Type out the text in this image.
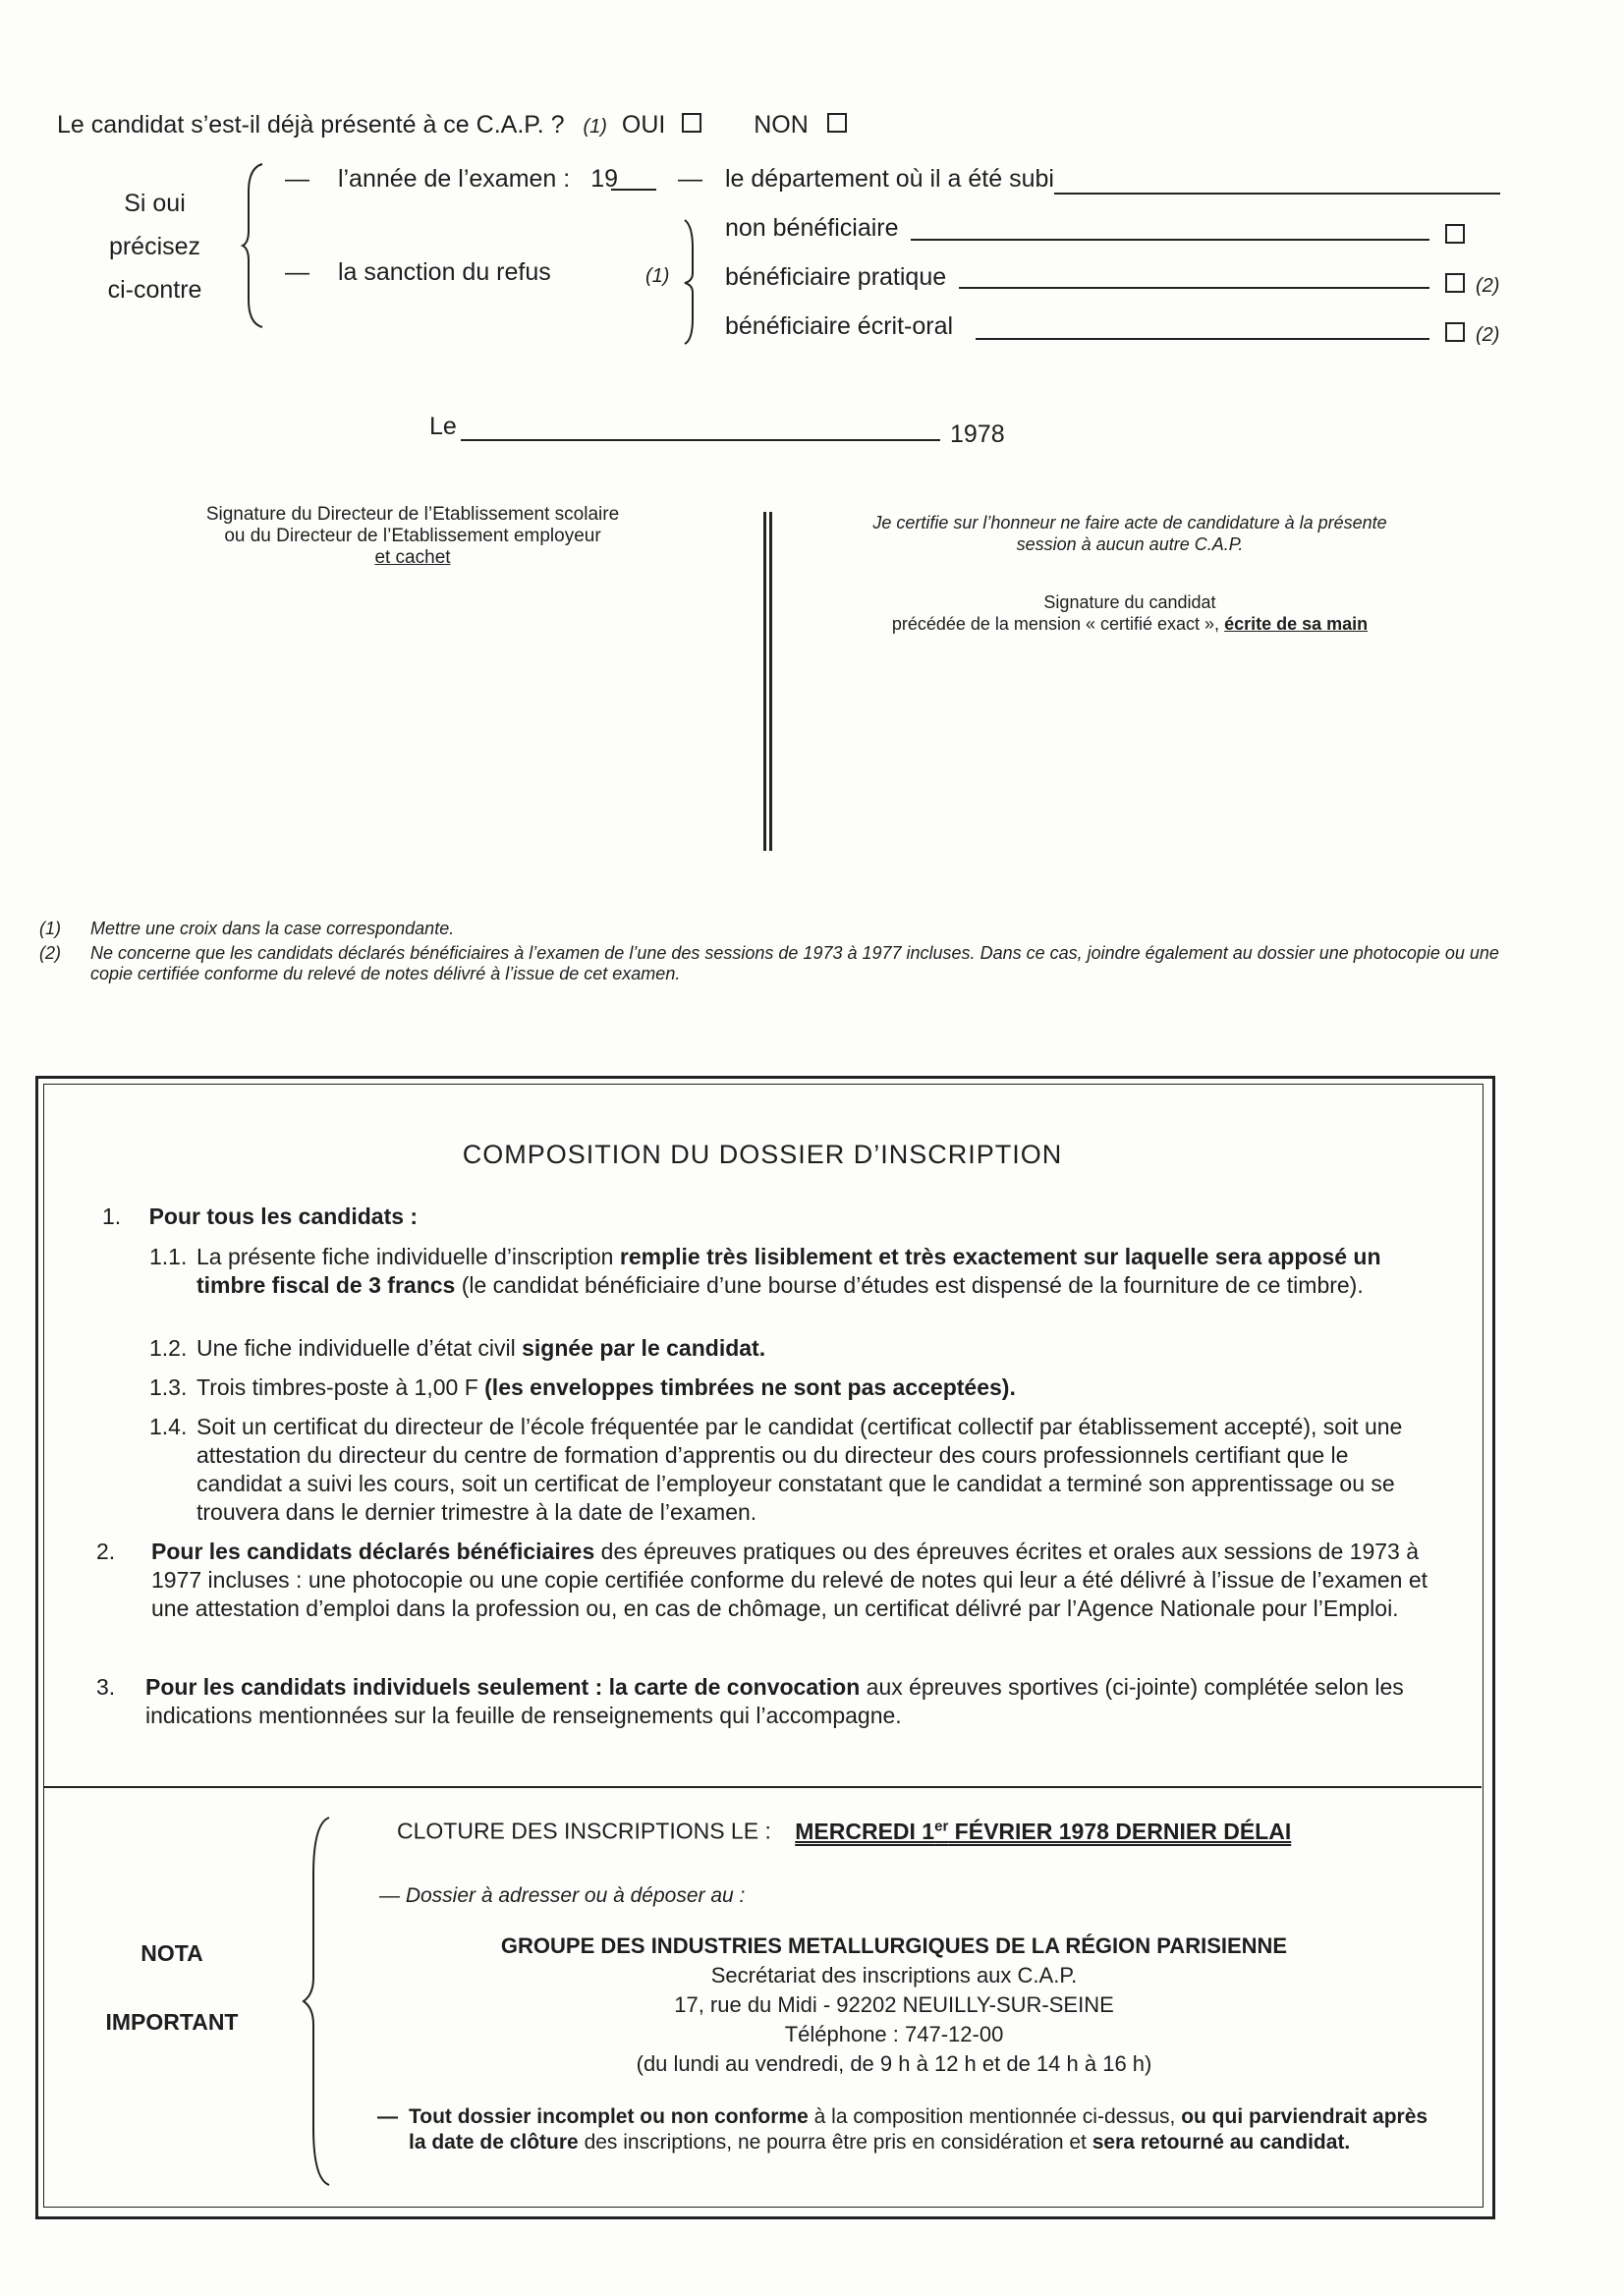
Le candidat s’est-il déjà présenté à ce C.A.P. ? (1) OUI	NON
Si oui
précisez
ci-contre
— l’année de l’examen : 19 — le département où il a été subi
— la sanction du refus	(1)
non bénéficiaire
bénéficiaire pratique	(2)
bénéficiaire écrit-oral	(2)
Le	1978
Signature du Directeur de l’Etablissement scolaire
ou du Directeur de l’Etablissement employeur
et cachet
Je certifie sur l’honneur ne faire acte de candidature à la présente
session à aucun autre C.A.P.
Signature du candidat
précédée de la mension « certifié exact », écrite de sa main
(1)	Mettre une croix dans la case correspondante.
(2)	Ne concerne que les candidats déclarés bénéficiaires à l’examen de l’une des sessions de 1973 à 1977 incluses. Dans ce cas, joindre également au dossier une photocopie ou une copie certifiée conforme du relevé de notes délivré à l’issue de cet examen.
COMPOSITION DU DOSSIER D’INSCRIPTION
1. Pour tous les candidats :
1.1. La présente fiche individuelle d’inscription remplie très lisiblement et très exactement sur laquelle sera apposé un timbre fiscal de 3 francs (le candidat bénéficiaire d’une bourse d’études est dispensé de la fourniture de ce timbre).
1.2. Une fiche individuelle d’état civil signée par le candidat.
1.3. Trois timbres-poste à 1,00 F (les enveloppes timbrées ne sont pas acceptées).
1.4. Soit un certificat du directeur de l’école fréquentée par le candidat (certificat collectif par établissement accepté), soit une attestation du directeur du centre de formation d’apprentis ou du directeur des cours professionnels certifiant que le candidat a suivi les cours, soit un certificat de l’employeur constatant que le candidat a terminé son apprentissage ou se trouvera dans le dernier trimestre à la date de l’examen.
2.	Pour les candidats déclarés bénéficiaires des épreuves pratiques ou des épreuves écrites et orales aux sessions de 1973 à 1977 incluses : une photocopie ou une copie certifiée conforme du relevé de notes qui leur a été délivré à l’issue de l’examen et une attestation d’emploi dans la profession ou, en cas de chômage, un certificat délivré par l’Agence Nationale pour l’Emploi.
3.	Pour les candidats individuels seulement : la carte de convocation aux épreuves sportives (ci-jointe) complétée selon les indications mentionnées sur la feuille de renseignements qui l’accompagne.
NOTA
IMPORTANT
CLOTURE DES INSCRIPTIONS LE : MERCREDI 1er FÉVRIER 1978 DERNIER DÉLAI
— Dossier à adresser ou à déposer au :
GROUPE DES INDUSTRIES METALLURGIQUES DE LA RÉGION PARISIENNE
Secrétariat des inscriptions aux C.A.P.
17, rue du Midi - 92202 NEUILLY-SUR-SEINE
Téléphone : 747-12-00
(du lundi au vendredi, de 9 h à 12 h et de 14 h à 16 h)
— Tout dossier incomplet ou non conforme à la composition mentionnée ci-dessus, ou qui parviendrait après la date de clôture des inscriptions, ne pourra être pris en considération et sera retourné au candidat.
